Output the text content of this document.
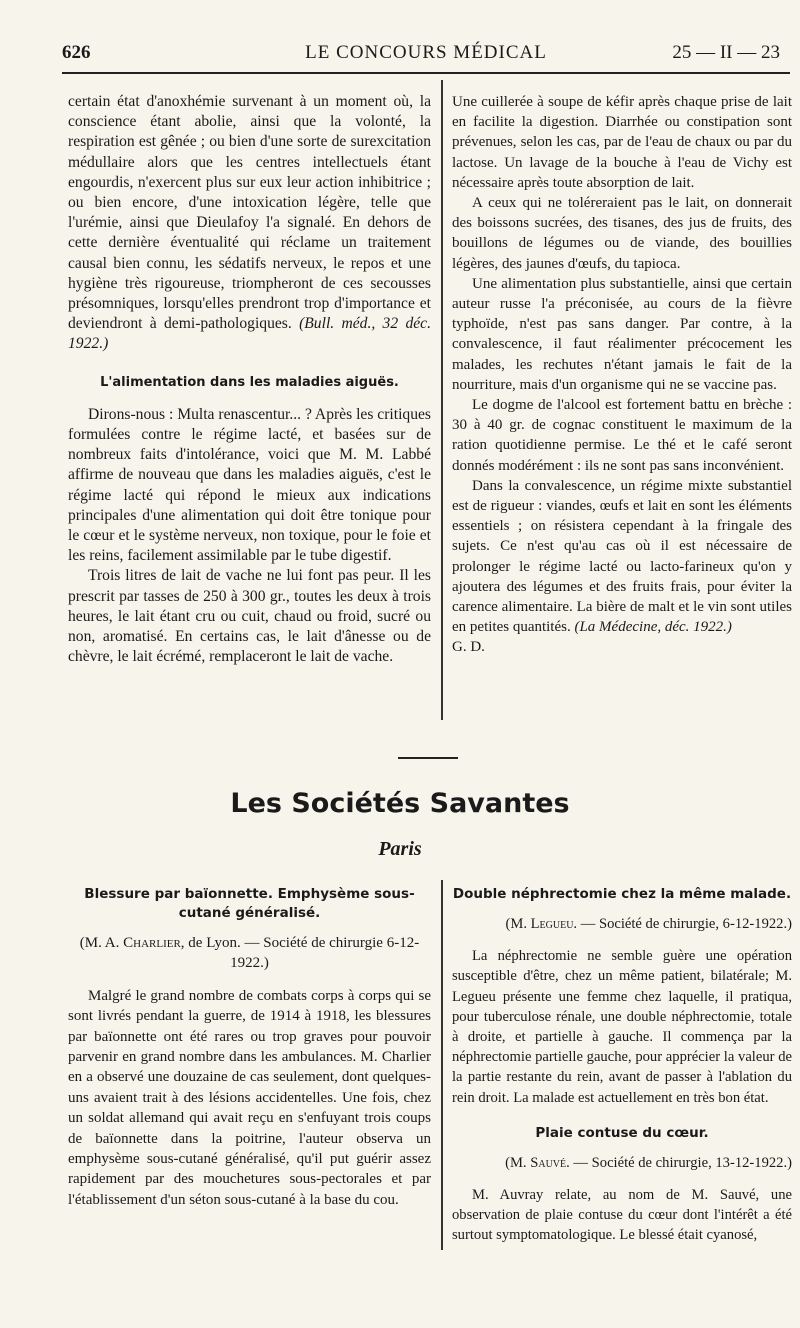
626	LE CONCOURS MÉDICAL	25 — II — 23

certain état d'anoxhémie survenant à un moment où, la conscience étant abolie, ainsi que la volonté, la respiration est gênée ; ou bien d'une sorte de surexcitation médullaire alors que les centres intellectuels étant engourdis, n'exercent plus sur eux leur action inhibitrice ; ou bien encore, d'une intoxication légère, telle que l'urémie, ainsi que Dieulafoy l'a signalé. En dehors de cette dernière éventualité qui réclame un traitement causal bien connu, les sédatifs nerveux, le repos et une hygiène très rigoureuse, triompheront de ces secousses présomniques, lorsqu'elles prendront trop d'importance et deviendront à demi-pathologiques. (Bull. méd., 32 déc. 1922.)

L'alimentation dans les maladies aiguës.

Dirons-nous : Multa renascentur... ? Après les critiques formulées contre le régime lacté, et basées sur de nombreux faits d'intolérance, voici que M. M. Labbé affirme de nouveau que dans les maladies aiguës, c'est le régime lacté qui répond le mieux aux indications principales d'une alimentation qui doit être tonique pour le cœur et le système nerveux, non toxique, pour le foie et les reins, facilement assimilable par le tube digestif.

Trois litres de lait de vache ne lui font pas peur. Il les prescrit par tasses de 250 à 300 gr., toutes les deux à trois heures, le lait étant cru ou cuit, chaud ou froid, sucré ou non, aromatisé. En certains cas, le lait d'ânesse ou de chèvre, le lait écrémé, remplaceront le lait de vache.

Une cuillerée à soupe de kéfir après chaque prise de lait en facilite la digestion. Diarrhée ou constipation sont prévenues, selon les cas, par de l'eau de chaux ou par du lactose. Un lavage de la bouche à l'eau de Vichy est nécessaire après toute absorption de lait.

A ceux qui ne toléreraient pas le lait, on donnerait des boissons sucrées, des tisanes, des jus de fruits, des bouillons de légumes ou de viande, des bouillies légères, des jaunes d'œufs, du tapioca.

Une alimentation plus substantielle, ainsi que certain auteur russe l'a préconisée, au cours de la fièvre typhoïde, n'est pas sans danger. Par contre, à la convalescence, il faut réalimenter précocement les malades, les rechutes n'étant jamais le fait de la nourriture, mais d'un organisme qui ne se vaccine pas.

Le dogme de l'alcool est fortement battu en brèche : 30 à 40 gr. de cognac constituent le maximum de la ration quotidienne permise. Le thé et le café seront donnés modérément : ils ne sont pas sans inconvénient.

Dans la convalescence, un régime mixte substantiel est de rigueur : viandes, œufs et lait en sont les éléments essentiels ; on résistera cependant à la fringale des sujets. Ce n'est qu'au cas où il est nécessaire de prolonger le régime lacté ou lacto-farineux qu'on y ajoutera des légumes et des fruits frais, pour éviter la carence alimentaire. La bière de malt et le vin sont utiles en petites quantités. (La Médecine, déc. 1922.)

G. D.

Les Sociétés Savantes
Paris
Blessure par baïonnette. Emphysème sous-cutané généralisé.
(M. A. Charlier, de Lyon. — Société de chirurgie 6-12-1922.)

Malgré le grand nombre de combats corps à corps qui se sont livrés pendant la guerre, de 1914 à 1918, les blessures par baïonnette ont été rares ou trop graves pour pouvoir parvenir en grand nombre dans les ambulances. M. Charlier en a observé une douzaine de cas seulement, dont quelques-uns avaient trait à des lésions accidentelles. Une fois, chez un soldat allemand qui avait reçu en s'enfuyant trois coups de baïonnette dans la poitrine, l'auteur observa un emphysème sous-cutané généralisé, qu'il put guérir assez rapidement par des mouchetures sous-pectorales et par l'établissement d'un séton sous-cutané à la base du cou.

Double néphrectomie chez la même malade.
(M. Legueu. — Société de chirurgie, 6-12-1922.)

La néphrectomie ne semble guère une opération susceptible d'être, chez un même patient, bilatérale; M. Legueu présente une femme chez laquelle, il pratiqua, pour tuberculose rénale, une double néphrectomie, totale à droite, et partielle à gauche. Il commença par la néphrectomie partielle gauche, pour apprécier la valeur de la partie restante du rein, avant de passer à l'ablation du rein droit. La malade est actuellement en très bon état.

Plaie contuse du cœur.
(M. Sauvé. — Société de chirurgie, 13-12-1922.)

M. Auvray relate, au nom de M. Sauvé, une observation de plaie contuse du cœur dont l'intérêt a été surtout symptomatologique. Le blessé était cyanosé,
